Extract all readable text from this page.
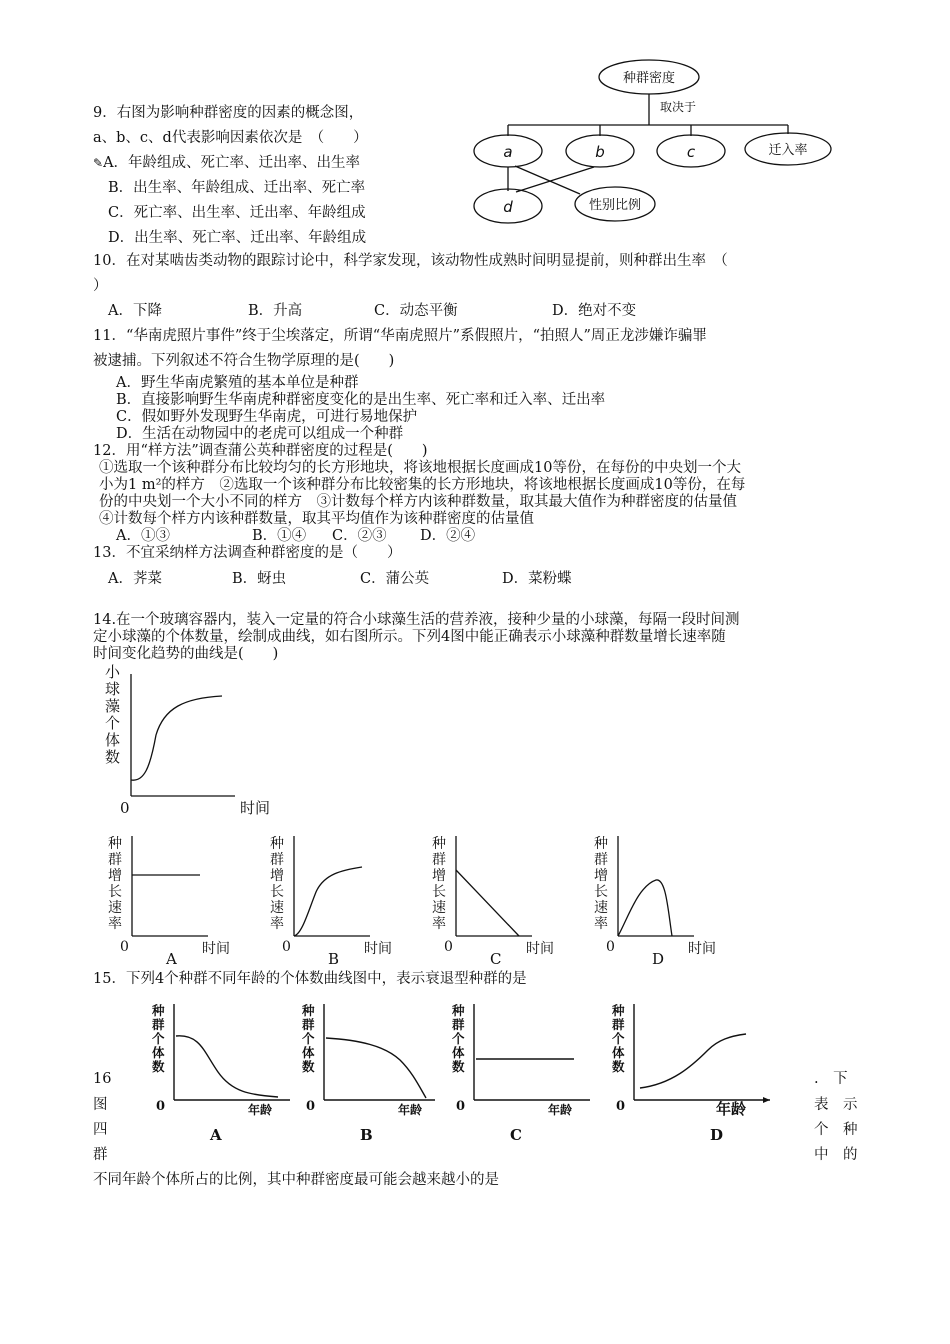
9．右图为影响种群密度的因素的概念图，
a、b、c、d代表影响因素依次是　（　　）
✎A．年龄组成、死亡率、迁出率、出生率
B．出生率、年龄组成、迁出率、死亡率
C．死亡率、出生率、迁出率、年龄组成
D．出生率、死亡率、迁出率、年龄组成
种群密度
取决于
a	b	c	迁入率
d	性别比例
10．在对某啮齿类动物的跟踪讨论中，科学家发现，该动物性成熟时间明显提前，则种群出生率　（
）
A．下降	B．升高	C．动态平衡	D．绝对不变
11．“华南虎照片事件”终于尘埃落定，所谓“华南虎照片”系假照片，“拍照人”周正龙涉嫌诈骗罪
被逮捕。下列叙述不符合生物学原理的是(　　)
A．野生华南虎繁殖的基本单位是种群
B．直接影响野生华南虎种群密度变化的是出生率、死亡率和迁入率、迁出率
C．假如野外发现野生华南虎，可进行易地保护
D．生活在动物园中的老虎可以组成一个种群
12．用“样方法”调查蒲公英种群密度的过程是(　　)
①选取一个该种群分布比较均匀的长方形地块，将该地根据长度画成10等份，在每份的中央划一个大
小为1 m²的样方　②选取一个该种群分布比较密集的长方形地块，将该地根据长度画成10等份，在每
份的中央划一个大小不同的样方　③计数每个样方内该种群数量，取其最大值作为种群密度的估量值
④计数每个样方内该种群数量，取其平均值作为该种群密度的估量值
A．①③	B．①④ C．②③ D．②④
13．不宜采纳样方法调查种群密度的是（　　）
A．荠菜	B．蚜虫	C．蒲公英	D．菜粉蝶
14.在一个玻璃容器内，装入一定量的符合小球藻生活的营养液，接种少量的小球藻，每隔一段时间测
定小球藻的个体数量，绘制成曲线，如右图所示。下列4图中能正确表示小球藻种群数量增长速率随
时间变化趋势的曲线是(　　)
0	时间
小
球
藻
个
体
数
种
群
增
长
速
率
0	时间
A
种
群
增
长
速
率
0	时间
B
种
群
增
长
速
率
0	时间
C
种
群
增
长
速
率
0	时间
D
15．下列4个种群不同年龄的个体数曲线图中，表示衰退型种群的是
种
群
个
体
数
0	年龄
A
种
群
个
体
数
0	年龄
B
种
群
个
体
数
0	年龄
C
种
群
个
体
数
0	年龄
D
16
图
四
群
.　下
表　示
个　种
中　的
不同年龄个体所占的比例，其中种群密度最可能会越来越小的是
